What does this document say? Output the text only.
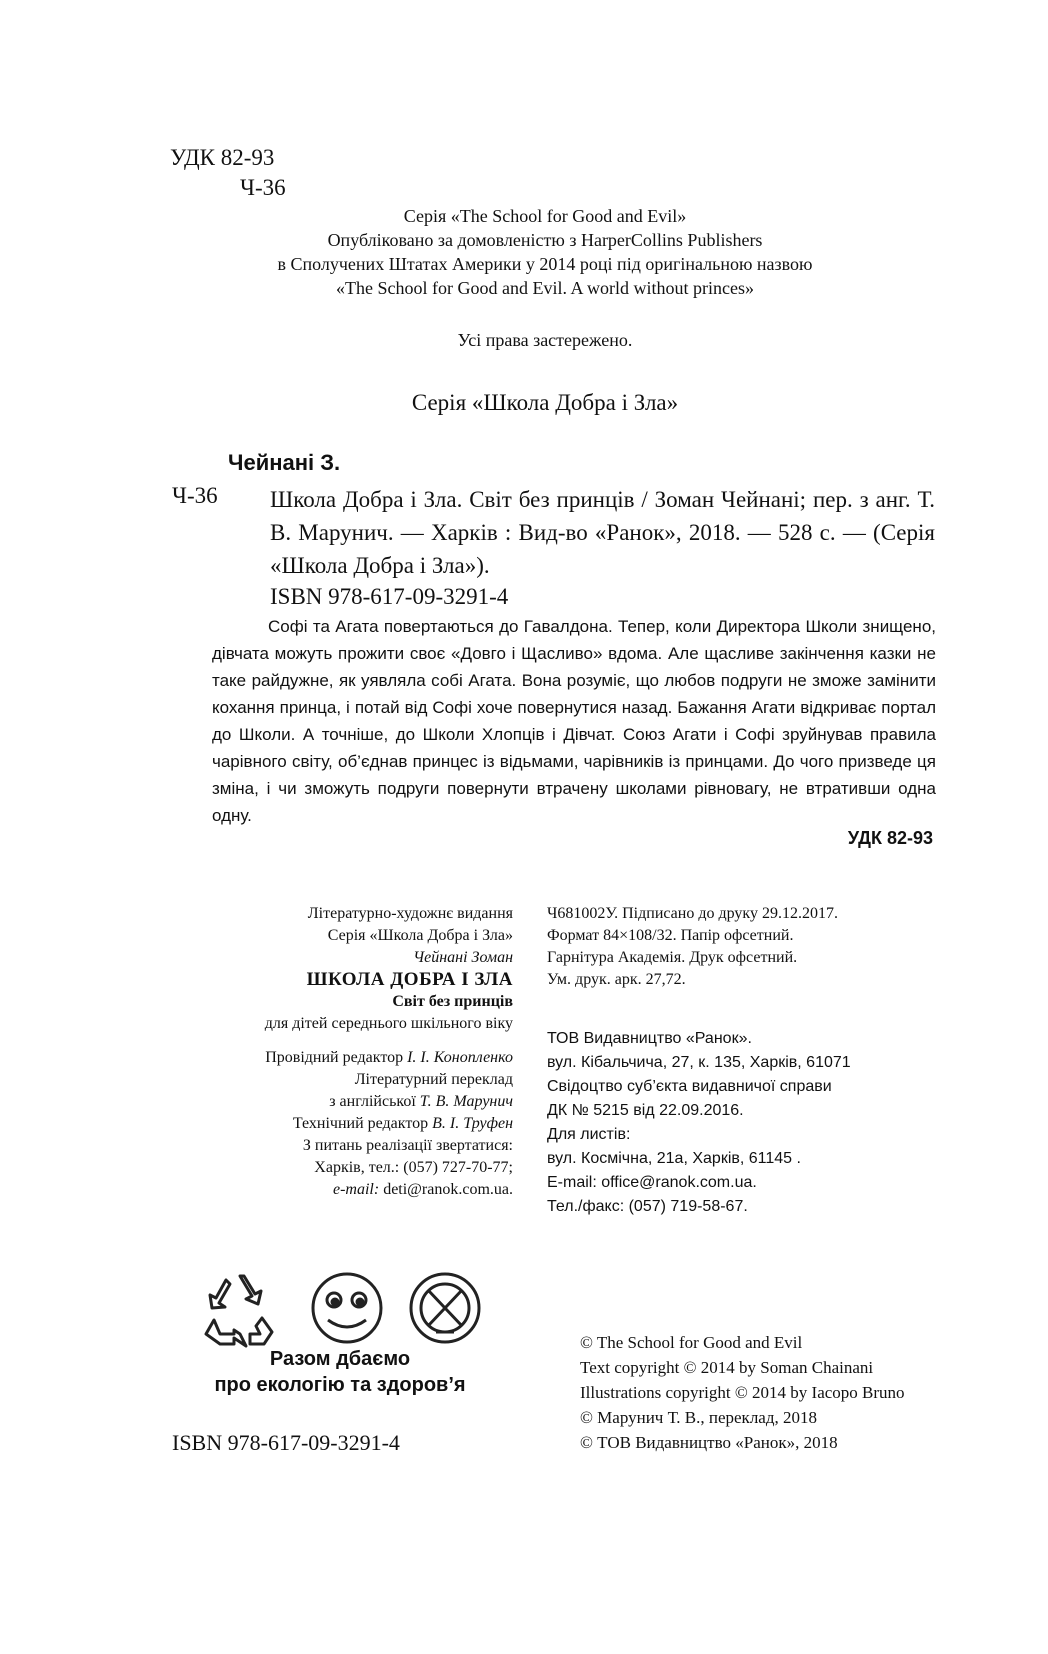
УДК 82-93
Ч-36
Серія «The School for Good and Evil»
Опубліковано за домовленістю з HarperCollins Publishers
в Сполучених Штатах Америки у 2014 році під оригінальною назвою
«The School for Good and Evil. A world without princes»
Усі права застережено.
Серія «Школа Добра і Зла»
Чейнані З.
Ч-36 Школа Добра і Зла. Світ без принців / Зоман Чейнані; пер. з анг. Т. В. Марунич. — Харків : Вид-во «Ранок», 2018. — 528 с. — (Серія «Школа Добра і Зла»).
ISBN 978-617-09-3291-4
Софі та Агата повертаються до Гавалдона. Тепер, коли Директора Школи знищено, дівчата можуть прожити своє «Довго і Щасливо» вдома. Але щасливе закінчення казки не таке райдужне, як уявляла собі Агата. Вона розуміє, що любов подруги не зможе замінити кохання принца, і потай від Софі хоче повернутися назад. Бажання Агати відкриває портал до Школи. А точніше, до Школи Хлопців і Дівчат. Союз Агати і Софі зруйнував правила чарівного світу, об’єднав принцес із відьмами, чарівників із принцами. До чого призведе ця зміна, і чи зможуть подруги повернути втрачену школами рівновагу, не втративши одна одну.
УДК 82-93
Літературно-художнє видання
Серія «Школа Добра і Зла»
Чейнані Зоман
ШКОЛА ДОБРА І ЗЛА
Світ без принців
для дітей середнього шкільного віку
Провідний редактор І. І. Конопленко
Літературний переклад
з англійської Т. В. Марунич
Технічний редактор В. І. Труфен
З питань реалізації звертатися:
Харків, тел.: (057) 727-70-77;
e-mail: deti@ranok.com.ua.
Ч681002У. Підписано до друку 29.12.2017.
Формат 84×108/32. Папір офсетний.
Гарнітура Академія. Друк офсетний.
Ум. друк. арк. 27,72.
ТОВ Видавництво «Ранок».
вул. Кібальчича, 27, к. 135, Харків, 61071
Свідоцтво суб’єкта видавничої справи
ДК № 5215 від 22.09.2016.
Для листів:
вул. Космічна, 21а, Харків, 61145 .
E-mail: office@ranok.com.ua.
Тел./факс: (057) 719-58-67.
Разом дбаємо
про екологію та здоров’я
ISBN 978-617-09-3291-4
© The School for Good and Evil
Text copyright © 2014 by Soman Chainani
Illustrations copyright © 2014 by Iacopo Bruno
© Марунич Т. В., переклад, 2018
© ТОВ Видавництво «Ранок», 2018
